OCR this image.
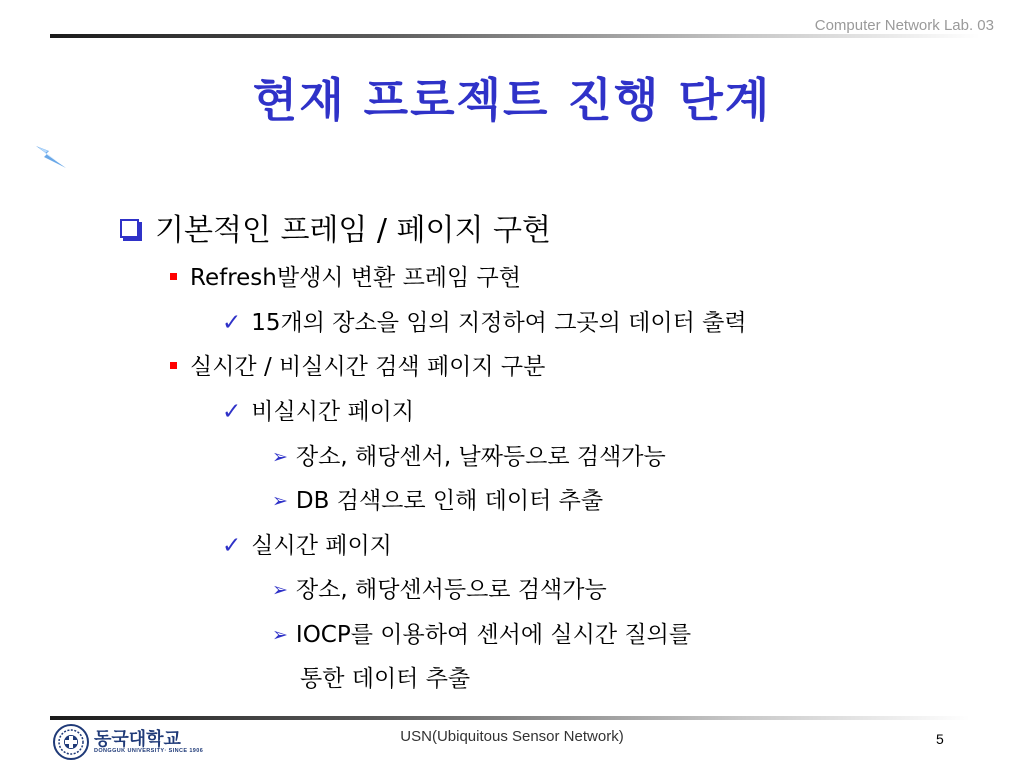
Computer Network Lab. 03
현재 프로젝트 진행 단계
기본적인 프레임 / 페이지 구현
Refresh발생시 변환 프레임 구현
✓ 15개의 장소을 임의 지정하여 그곳의 데이터 출력
실시간 / 비실시간 검색 페이지 구분
✓ 비실시간 페이지
➢ 장소, 해당센서, 날짜등으로 검색가능
➢ DB 검색으로 인해 데이터 추출
✓ 실시간 페이지
➢ 장소, 해당센서등으로 검색가능
➢ IOCP를 이용하여 센서에 실시간 질의를
통한 데이터 추출
동국대학교
DONGGUK UNIVERSITY· SINCE 1906
USN(Ubiquitous Sensor Network)	5
